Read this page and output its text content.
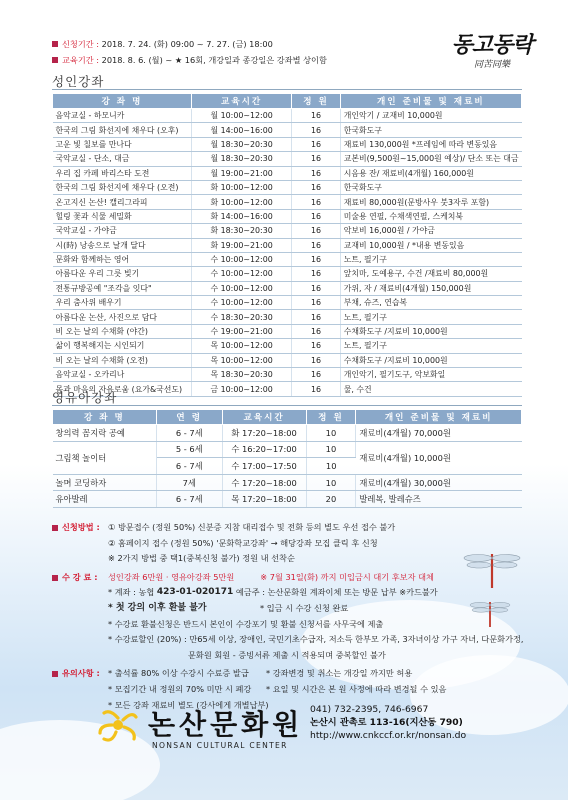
신청기간 :
2018. 7. 24. (화) 09:00 ~ 7. 27. (금) 18:00
교육기간 :
2018. 8. 6. (월) ~ ★ 16회, 개강일과 종강일은 강좌별 상이함
동고동락
同苦同樂
성인강좌
강 좌 명	교육시간	정 원	개인 준비물 및 재료비
음악교실 - 하모니카	월 10:00~12:00	16	개인악기 / 교재비 10,000원
한국의 그림 화선지에 채우다 (오후)	월 14:00~16:00	16	한국화도구
고운 빛 칠보를 만나다	월 18:30~20:30	16	재료비 130,000원 *프레임에 따라 변동있음
국악교실 - 단소, 대금	월 18:30~20:30	16	교본비(9,500원~15,000원 예상)/ 단소 또는 대금
우리 집 카페 바리스타 도전	월 19:00~21:00	16	시음용 잔/ 재료비(4개월) 160,000원
한국의 그림 화선지에 채우다 (오전)	화 10:00~12:00	16	한국화도구
온고지신 논산! 캘리그라피	화 10:00~12:00	16	재료비 80,000원(문방사우 붓3자루 포함)
힐링 꽃과 식물 세밀화	화 14:00~16:00	16	미술용 연필, 수채색연필, 스케치북
국악교실 - 가야금	화 18:30~20:30	16	악보비 16,000원 / 가야금
시(時) 낭송으로 날개 달다	화 19:00~21:00	16	교재비 10,000원 / *내용 변동있음
문화와 함께하는 영어	수 10:00~12:00	16	노트, 필기구
아름다운 우리 그릇 빚기	수 10:00~12:00	16	앞치마, 도예용구, 수건 /재료비 80,000원
전통규방공예 "조각을 잇다"	수 10:00~12:00	16	가위, 자 / 재료비(4개월) 150,000원
우리 춤사위 배우기	수 10:00~12:00	16	부채, 슈즈, 연습복
아름다운 논산, 사진으로 담다	수 18:30~20:30	16	노트, 필기구
비 오는 날의 수채화 (야간)	수 19:00~21:00	16	수채화도구 /지료비 10,000원
삶이 행복해지는 시인되기	목 10:00~12:00	16	노트, 필기구
비 오는 날의 수채화 (오전)	목 10:00~12:00	16	수채화도구 /지료비 10,000원
음악교실 - 오카리나	목 18:30~20:30	16	개인악기, 필기도구, 악보화일
몸과 마음의 자유로움 (요가&국선도)	금 10:00~12:00	16	물, 수건
영유아강좌
강 좌 명	연 령	교육시간	정 원	개인 준비물 및 재료비
창의력 꼼지락 공예	6 - 7세	화 17:20~18:00	10	재료비(4개월) 70,000원
그림책 놀이터	5 - 6세	수 16:20~17:00	10	재료비(4개월) 10,000원
	6 - 7세	수 17:00~17:50	10	
놀며 코딩하자	7세	수 17:20~18:00	10	재료비(4개월) 30,000원
유아발레	6 - 7세	목 17:20~18:00	20	발레복, 발레슈즈
신청방법 : ① 방문접수 (정원 50%) 신분증 지참 대리접수 및 전화 등의 별도 우선 접수 불가
② 홈페이지 접수 (정원 50%) '문화학교강좌' → 해당강좌 모집 클릭 후 신청
※ 2가지 방법 중 택1(중복신청 불가) 정원 내 선착순
수 강 료 : 성인강좌 6만원 · 영유아강좌 5만원	※ 7월 31일(화) 까지 미입금시 대기 후보자 대체
* 계좌 : 농협
423-01-020171
예금주 : 논산문화원 계좌이체 또는 방문 납부 ※카드불가
* 첫 강의 이후 환불 불가	* 입금 시 수강 신청 완료
* 수강료 환불신청은 반드시 본인이 수강포기 및 환불 신청서를 사무국에 제출
* 수강료할인 (20%) : 만65세 이상, 장애인, 국민기초수급자, 저소득 한부모 가족, 3자녀이상 가구 자녀, 다문화가정,
문화원 회원 - 증빙서류 제출 시 적용되며 중복할인 불가
유의사항 : * 출석률 80% 이상 수강시 수료증 발급	* 강좌변경 및 취소는 개강일 까지만 허용
* 모집기간 내 정원의 70% 미만 시 폐강	* 요일 및 시간은 본 원 사정에 따라 변경될 수 있음
* 모든 강좌 재료비 별도 (강사에게 개별납부)
논산문화원
NONSAN CULTURAL CENTER
041) 732-2395, 746-6967
논산시 관촉로 113-16(지산동 790)
http://www.cnkccf.or.kr/nonsan.do
